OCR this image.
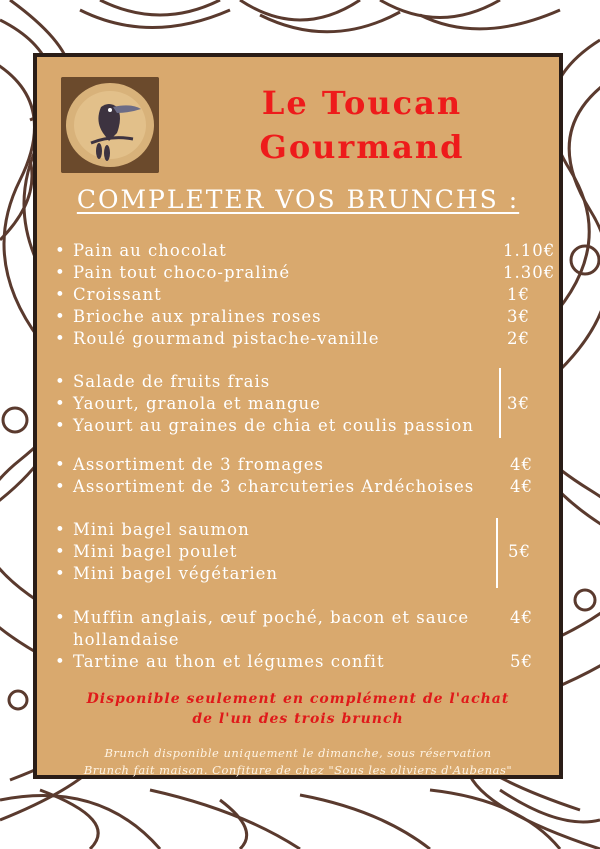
Le Toucan
Gourmand
COMPLETER VOS BRUNCHS :
• Pain au chocolat
• Pain tout choco-praliné
• Croissant
• Brioche aux pralines roses
• Roulé gourmand pistache-vanille
1.10€
1.30€
1€
3€
2€
• Salade de fruits frais
• Yaourt, granola et mangue
• Yaourt au graines de chia et coulis passion
3€
• Assortiment de 3 fromages
• Assortiment de 3 charcuteries Ardéchoises
4€
4€
• Mini bagel saumon
• Mini bagel poulet
• Mini bagel végétarien
5€
• Muffin anglais, œuf poché, bacon et sauce hollandaise
• Tartine au thon et légumes confit
4€
5€
Disponible seulement en complément de l'achat
de l'un des trois brunch
Brunch disponible uniquement le dimanche, sous réservation
Brunch fait maison. Confiture de chez "Sous les oliviers d'Aubenas"
